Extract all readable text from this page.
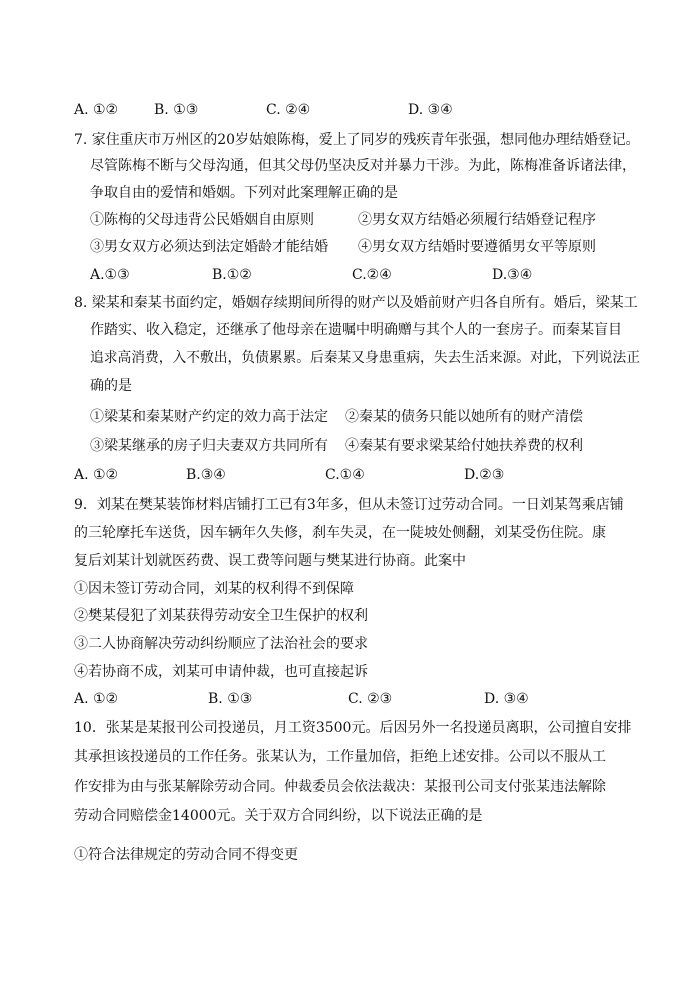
A. ①②	B. ①③	C. ②④	D. ③④
7. 家住重庆市万州区的20岁姑娘陈梅，爱上了同岁的残疾青年张强，想同他办理结婚登记。
尽管陈梅不断与父母沟通，但其父母仍坚决反对并暴力干涉。为此，陈梅准备诉诸法律，
争取自由的爱情和婚姻。下列对此案理解正确的是
①陈梅的父母违背公民婚姻自由原则	②男女双方结婚必须履行结婚登记程序
③男女双方必须达到法定婚龄才能结婚 ④男女双方结婚时要遵循男女平等原则
A.①③	B.①②	C.②④	D.③④
8. 梁某和秦某书面约定，婚姻存续期间所得的财产以及婚前财产归各自所有。婚后，梁某工
作踏实、收入稳定，还继承了他母亲在遗嘱中明确赠与其个人的一套房子。而秦某盲目
追求高消费，入不敷出，负债累累。后秦某又身患重病，失去生活来源。对此，下列说法正
确的是
①梁某和秦某财产约定的效力高于法定 ②秦某的债务只能以她所有的财产清偿
③梁某继承的房子归夫妻双方共同所有 ④秦某有要求梁某给付她扶养费的权利
A. ①②	B.③④	C.①④	D.②③
9．刘某在樊某装饰材料店铺打工已有3年多，但从未签订过劳动合同。一日刘某驾乘店铺
的三轮摩托车送货，因车辆年久失修，刹车失灵，在一陡坡处侧翻，刘某受伤住院。康
复后刘某计划就医药费、误工费等问题与樊某进行协商。此案中
①因未签订劳动合同，刘某的权利得不到保障
②樊某侵犯了刘某获得劳动安全卫生保护的权利
③二人协商解决劳动纠纷顺应了法治社会的要求
④若协商不成，刘某可申请仲裁，也可直接起诉
A. ①②	B. ①③	C. ②③	D. ③④
10．张某是某报刊公司投递员，月工资3500元。后因另外一名投递员离职，公司擅自安排
其承担该投递员的工作任务。张某认为，工作量加倍，拒绝上述安排。公司以不服从工
作安排为由与张某解除劳动合同。仲裁委员会依法裁决：某报刊公司支付张某违法解除
劳动合同赔偿金14000元。关于双方合同纠纷，以下说法正确的是
①符合法律规定的劳动合同不得变更
